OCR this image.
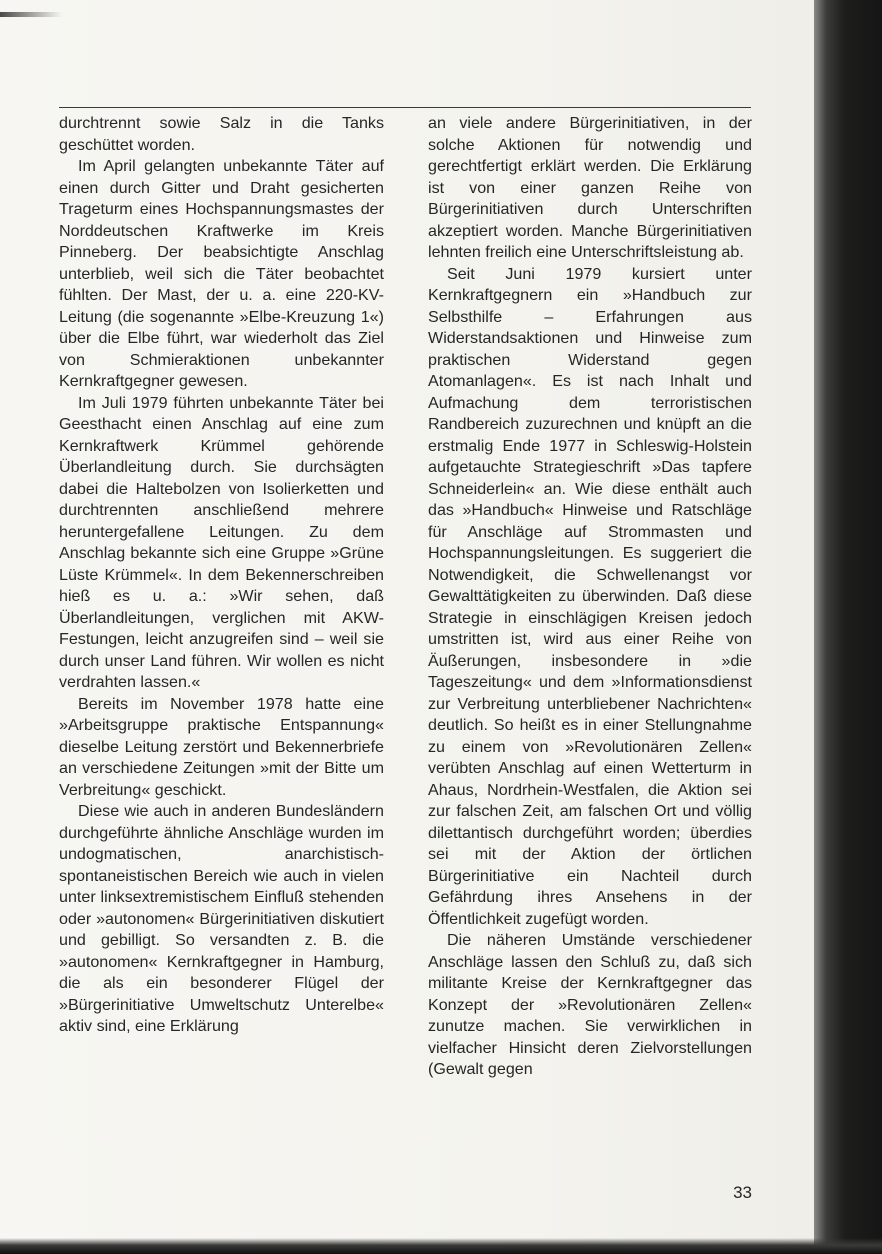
durchtrennt sowie Salz in die Tanks geschüttet worden.

Im April gelangten unbekannte Täter auf einen durch Gitter und Draht gesicherten Trageturm eines Hochspannungsmastes der Norddeutschen Kraftwerke im Kreis Pinneberg. Der beabsichtigte Anschlag unterblieb, weil sich die Täter beobachtet fühlten. Der Mast, der u. a. eine 220-KV-Leitung (die sogenannte »Elbe-Kreuzung 1«) über die Elbe führt, war wiederholt das Ziel von Schmieraktionen unbekannter Kernkraftgegner gewesen.

Im Juli 1979 führten unbekannte Täter bei Geesthacht einen Anschlag auf eine zum Kernkraftwerk Krümmel gehörende Überlandleitung durch. Sie durchsägten dabei die Haltebolzen von Isolierketten und durchtrennten anschließend mehrere heruntergefallene Leitungen. Zu dem Anschlag bekannte sich eine Gruppe »Grüne Lüste Krümmel«. In dem Bekennerschreiben hieß es u. a.: »Wir sehen, daß Überlandleitungen, verglichen mit AKW-Festungen, leicht anzugreifen sind – weil sie durch unser Land führen. Wir wollen es nicht verdrahten lassen.«

Bereits im November 1978 hatte eine »Arbeitsgruppe praktische Entspannung« dieselbe Leitung zerstört und Bekennerbriefe an verschiedene Zeitungen »mit der Bitte um Verbreitung« geschickt.

Diese wie auch in anderen Bundesländern durchgeführte ähnliche Anschläge wurden im undogmatischen, anarchistisch-spontaneistischen Bereich wie auch in vielen unter linksextremistischem Einfluß stehenden oder »autonomen« Bürgerinitiativen diskutiert und gebilligt. So versandten z. B. die »autonomen« Kernkraftgegner in Hamburg, die als ein besonderer Flügel der »Bürgerinitiative Umweltschutz Unterelbe« aktiv sind, eine Erklärung

an viele andere Bürgerinitiativen, in der solche Aktionen für notwendig und gerechtfertigt erklärt werden. Die Erklärung ist von einer ganzen Reihe von Bürgerinitiativen durch Unterschriften akzeptiert worden. Manche Bürgerinitiativen lehnten freilich eine Unterschriftsleistung ab.

Seit Juni 1979 kursiert unter Kernkraftgegnern ein »Handbuch zur Selbsthilfe – Erfahrungen aus Widerstandsaktionen und Hinweise zum praktischen Widerstand gegen Atomanlagen«. Es ist nach Inhalt und Aufmachung dem terroristischen Randbereich zuzurechnen und knüpft an die erstmalig Ende 1977 in Schleswig-Holstein aufgetauchte Strategieschrift »Das tapfere Schneiderlein« an. Wie diese enthält auch das »Handbuch« Hinweise und Ratschläge für Anschläge auf Strommasten und Hochspannungsleitungen. Es suggeriert die Notwendigkeit, die Schwellenangst vor Gewalttätigkeiten zu überwinden. Daß diese Strategie in einschlägigen Kreisen jedoch umstritten ist, wird aus einer Reihe von Äußerungen, insbesondere in »die Tageszeitung« und dem »Informationsdienst zur Verbreitung unterbliebener Nachrichten« deutlich. So heißt es in einer Stellungnahme zu einem von »Revolutionären Zellen« verübten Anschlag auf einen Wetterturm in Ahaus, Nordrhein-Westfalen, die Aktion sei zur falschen Zeit, am falschen Ort und völlig dilettantisch durchgeführt worden; überdies sei mit der Aktion der örtlichen Bürgerinitiative ein Nachteil durch Gefährdung ihres Ansehens in der Öffentlichkeit zugefügt worden.

Die näheren Umstände verschiedener Anschläge lassen den Schluß zu, daß sich militante Kreise der Kernkraftgegner das Konzept der »Revolutionären Zellen« zunutze machen. Sie verwirklichen in vielfacher Hinsicht deren Zielvorstellungen (Gewalt gegen

33
